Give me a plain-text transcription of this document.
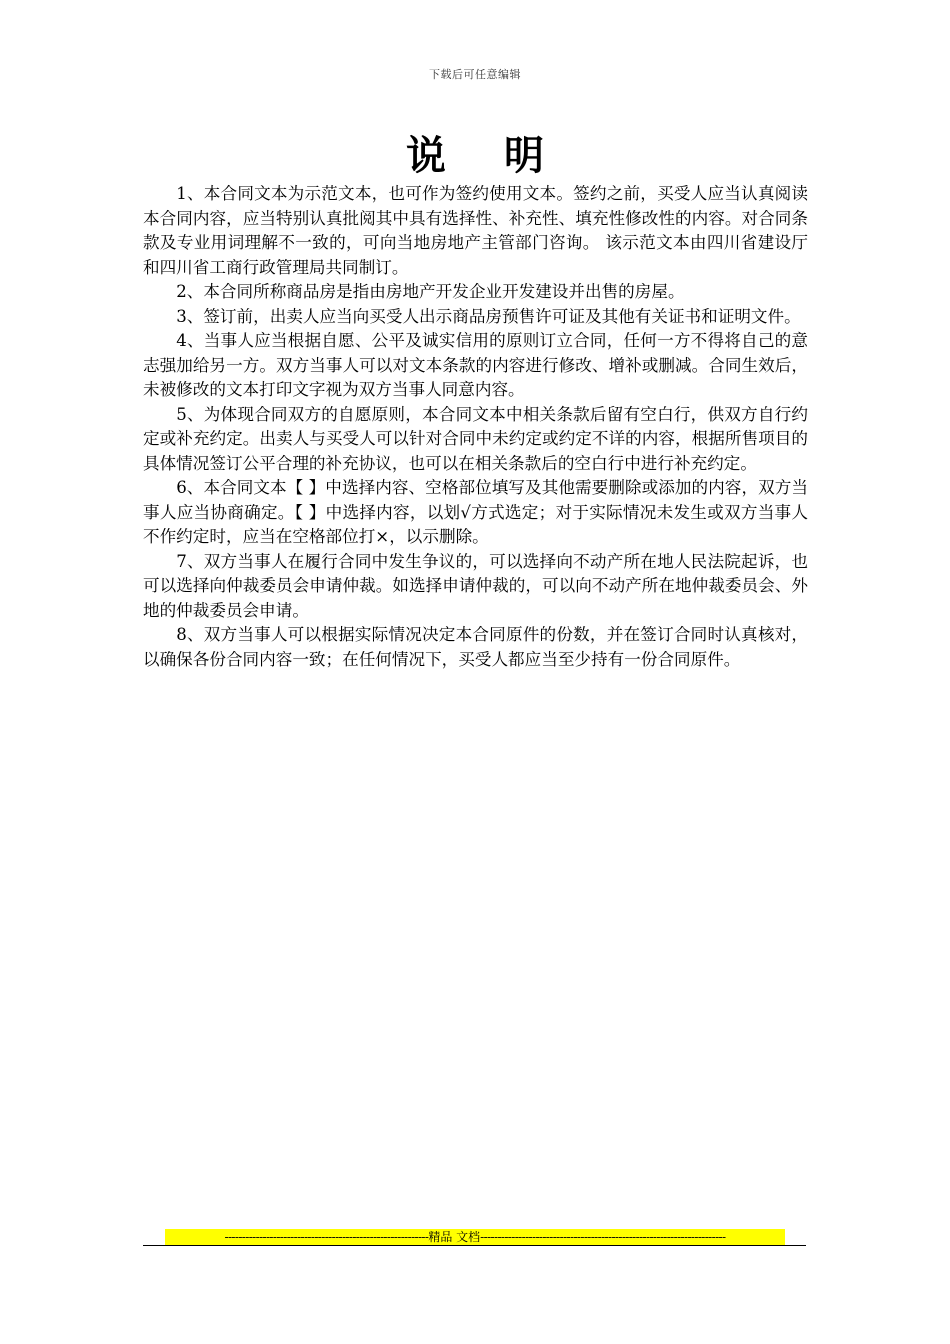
下载后可任意编辑
说明

1、本合同文本为示范文本，也可作为签约使用文本。签约之前，买受人应当认真阅读本合同内容，应当特别认真批阅其中具有选择性、补充性、填充性修改性的内容。对合同条款及专业用词理解不一致的，可向当地房地产主管部门咨询。 该示范文本由四川省建设厅和四川省工商行政管理局共同制订。

2、本合同所称商品房是指由房地产开发企业开发建设并出售的房屋。

3、签订前，出卖人应当向买受人出示商品房预售许可证及其他有关证书和证明文件。

4、当事人应当根据自愿、公平及诚实信用的原则订立合同，任何一方不得将自己的意志强加给另一方。双方当事人可以对文本条款的内容进行修改、增补或删减。合同生效后，未被修改的文本打印文字视为双方当事人同意内容。

5、为体现合同双方的自愿原则，本合同文本中相关条款后留有空白行，供双方自行约定或补充约定。出卖人与买受人可以针对合同中未约定或约定不详的内容，根据所售项目的具体情况签订公平合理的补充协议，也可以在相关条款后的空白行中进行补充约定。

6、本合同文本【 】中选择内容、空格部位填写及其他需要删除或添加的内容，双方当事人应当协商确定。【 】中选择内容，以划√方式选定；对于实际情况未发生或双方当事人不作约定时，应当在空格部位打×，以示删除。

7、双方当事人在履行合同中发生争议的，可以选择向不动产所在地人民法院起诉，也可以选择向仲裁委员会申请仲裁。如选择申请仲裁的，可以向不动产所在地仲裁委员会、外地的仲裁委员会申请。

8、双方当事人可以根据实际情况决定本合同原件的份数，并在签订合同时认真核对，以确保各份合同内容一致；在任何情况下，买受人都应当至少持有一份合同原件。

-----------------------------------------------------------精品 文档-----------------------------------------------------------------------
